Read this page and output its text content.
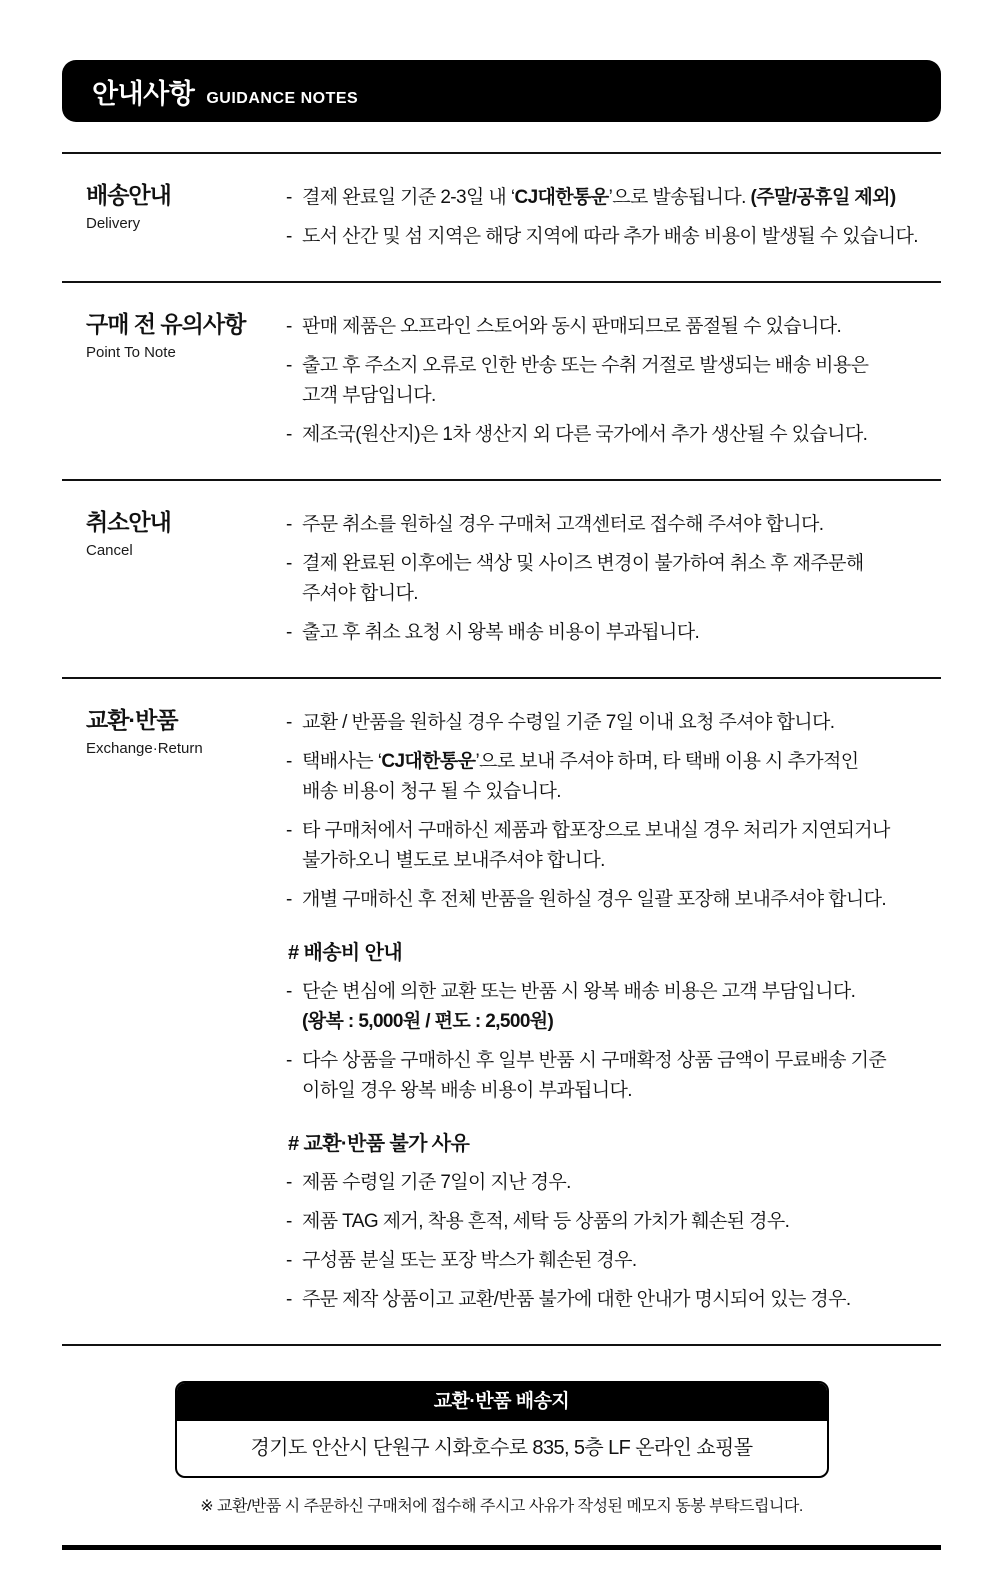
안내사항 GUIDANCE NOTES
배송안내
Delivery
- 결제 완료일 기준 2-3일 내 ‘CJ대한통운’으로 발송됩니다. (주말/공휴일 제외)
- 도서 산간 및 섬 지역은 해당 지역에 따라 추가 배송 비용이 발생될 수 있습니다.
구매 전 유의사항
Point To Note
- 판매 제품은 오프라인 스토어와 동시 판매되므로 품절될 수 있습니다.
- 출고 후 주소지 오류로 인한 반송 또는 수취 거절로 발생되는 배송 비용은
고객 부담입니다.
- 제조국(원산지)은 1차 생산지 외 다른 국가에서 추가 생산될 수 있습니다.
취소안내
Cancel
- 주문 취소를 원하실 경우 구매처 고객센터로 접수해 주셔야 합니다.
- 결제 완료된 이후에는 색상 및 사이즈 변경이 불가하여 취소 후 재주문해
주셔야 합니다.
- 출고 후 취소 요청 시 왕복 배송 비용이 부과됩니다.
교환·반품
Exchange·Return
- 교환 / 반품을 원하실 경우 수령일 기준 7일 이내 요청 주셔야 합니다.
- 택배사는 ‘CJ대한통운’으로 보내 주셔야 하며, 타 택배 이용 시 추가적인
배송 비용이 청구 될 수 있습니다.
- 타 구매처에서 구매하신 제품과 합포장으로 보내실 경우 처리가 지연되거나
불가하오니 별도로 보내주셔야 합니다.
- 개별 구매하신 후 전체 반품을 원하실 경우 일괄 포장해 보내주셔야 합니다.
# 배송비 안내
- 단순 변심에 의한 교환 또는 반품 시 왕복 배송 비용은 고객 부담입니다.
(왕복 : 5,000원 / 편도 : 2,500원)
- 다수 상품을 구매하신 후 일부 반품 시 구매확정 상품 금액이 무료배송 기준
이하일 경우 왕복 배송 비용이 부과됩니다.
# 교환·반품 불가 사유
- 제품 수령일 기준 7일이 지난 경우.
- 제품 TAG 제거, 착용 흔적, 세탁 등 상품의 가치가 훼손된 경우.
- 구성품 분실 또는 포장 박스가 훼손된 경우.
- 주문 제작 상품이고 교환/반품 불가에 대한 안내가 명시되어 있는 경우.
교환·반품 배송지
경기도 안산시 단원구 시화호수로 835, 5층 LF 온라인 쇼핑몰
※ 교환/반품 시 주문하신 구매처에 접수해 주시고 사유가 작성된 메모지 동봉 부탁드립니다.
